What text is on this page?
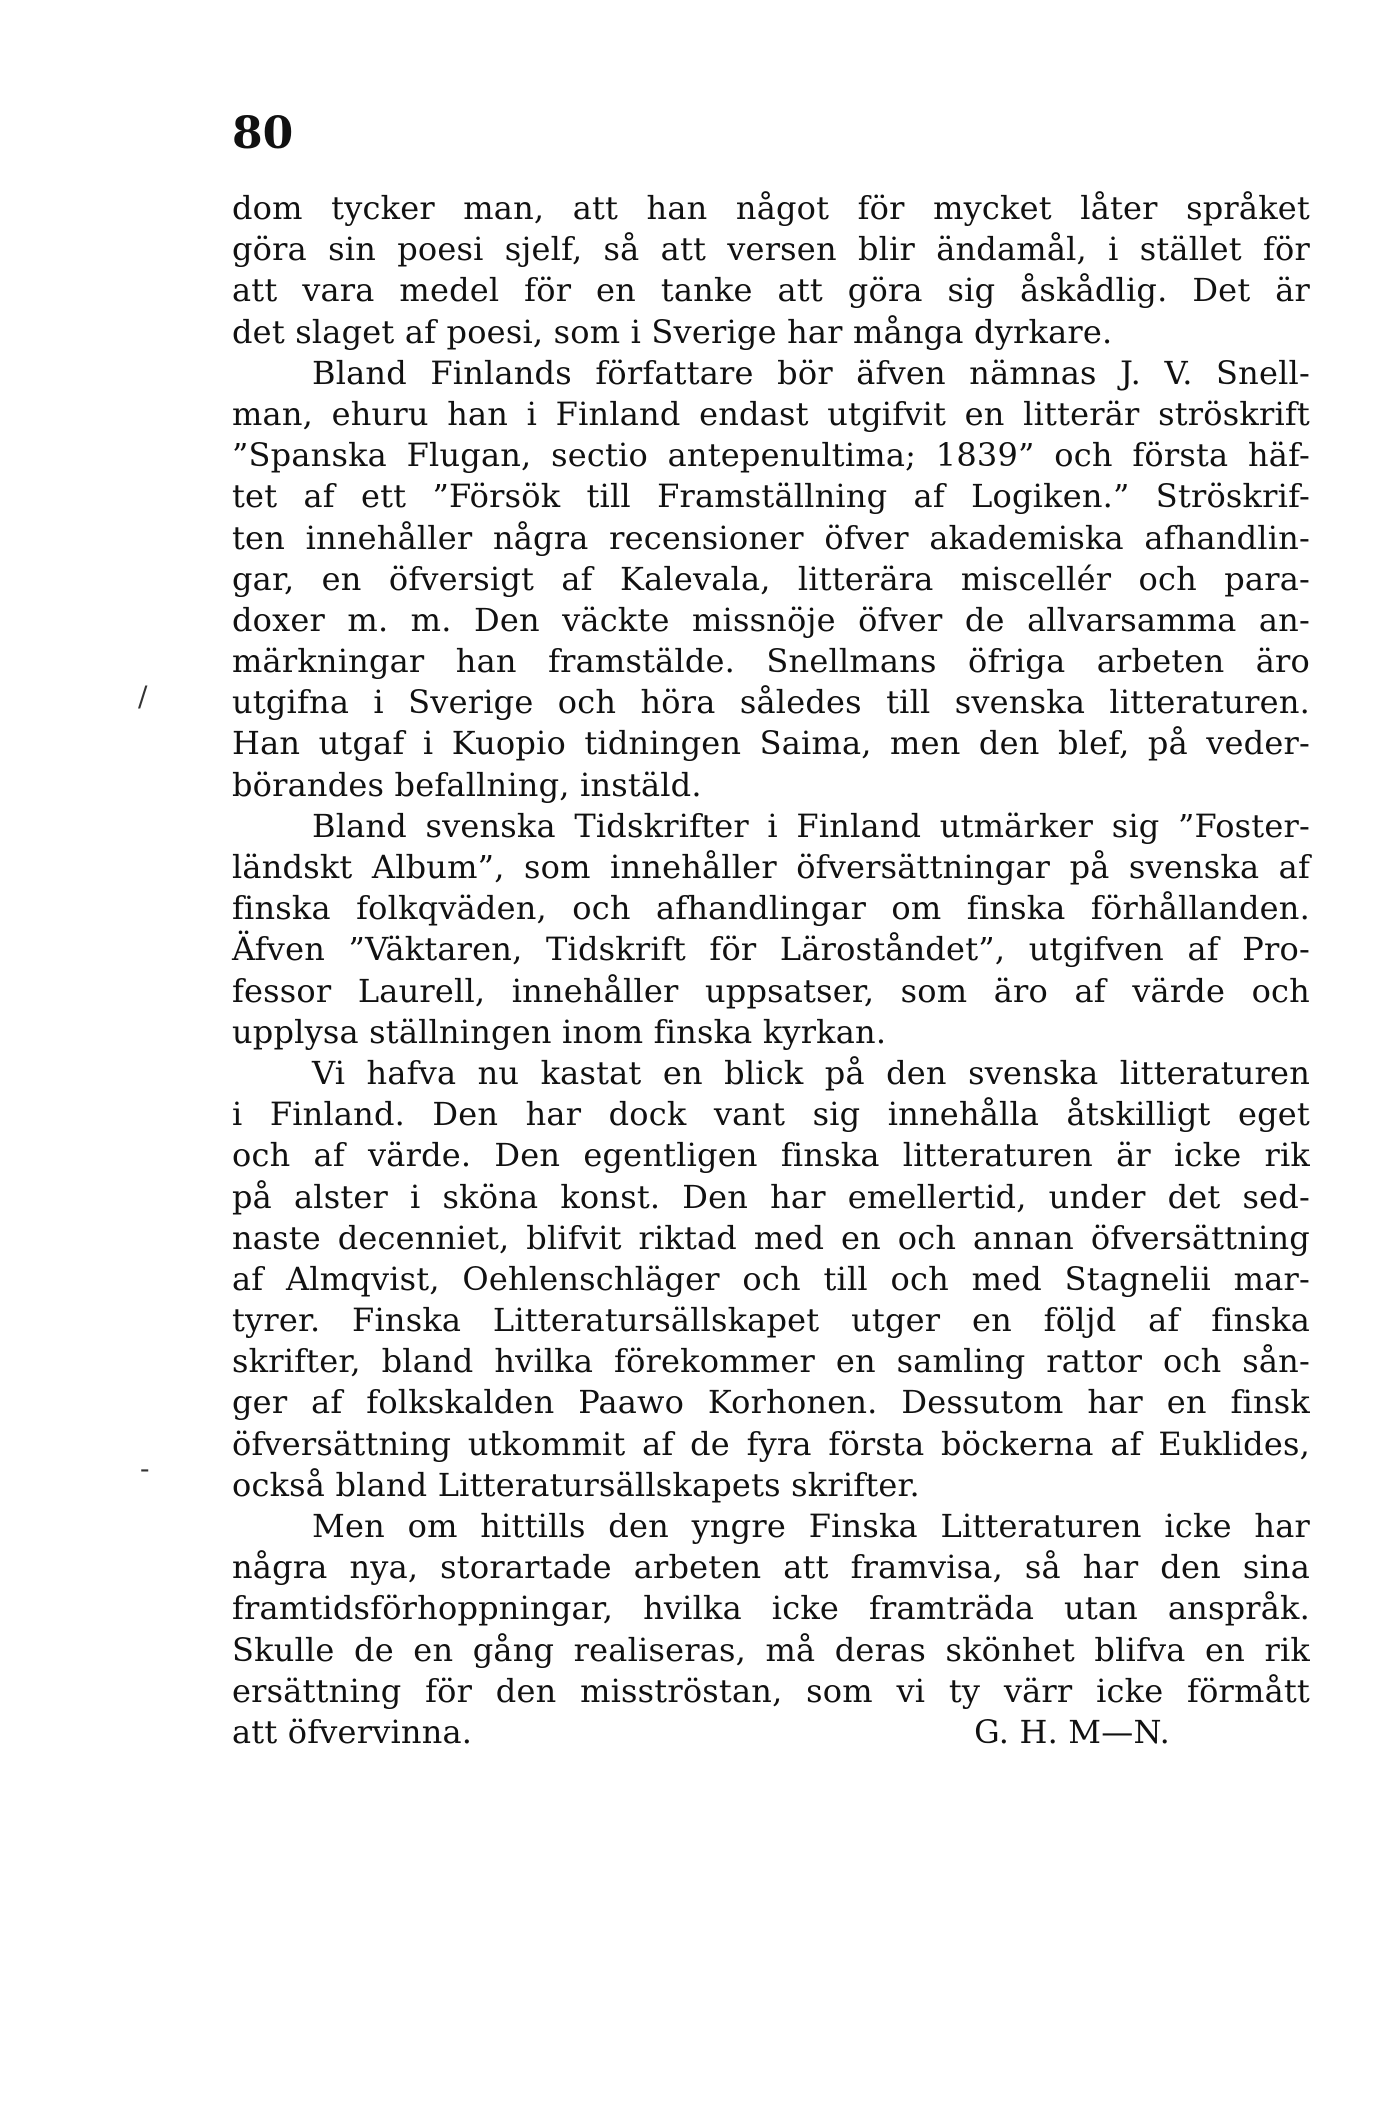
80
dom tycker man, att han något för mycket låter språket
göra sin poesi sjelf, så att versen blir ändamål, i stället för
att vara medel för en tanke att göra sig åskådlig. Det är
det slaget af poesi, som i Sverige har många dyrkare.
Bland Finlands författare bör äfven nämnas J. V. Snell-
man, ehuru han i Finland endast utgifvit en litterär ströskrift
”Spanska Flugan, sectio antepenultima; 1839” och första häf-
tet af ett ”Försök till Framställning af Logiken.” Ströskrif-
ten innehåller några recensioner öfver akademiska afhandlin-
gar, en öfversigt af Kalevala, litterära miscellér och para-
doxer m. m. Den väckte missnöje öfver de allvarsamma an-
märkningar han framstälde. Snellmans öfriga arbeten äro
utgifna i Sverige och höra således till svenska litteraturen.
Han utgaf i Kuopio tidningen Saima, men den blef, på veder-
börandes befallning, instäld.
Bland svenska Tidskrifter i Finland utmärker sig ”Foster-
ländskt Album”, som innehåller öfversättningar på svenska af
finska folkqväden, och afhandlingar om finska förhållanden.
Äfven ”Väktaren, Tidskrift för Läroståndet”, utgifven af Pro-
fessor Laurell, innehåller uppsatser, som äro af värde och
upplysa ställningen inom finska kyrkan.
Vi hafva nu kastat en blick på den svenska litteraturen
i Finland. Den har dock vant sig innehålla åtskilligt eget
och af värde. Den egentligen finska litteraturen är icke rik
på alster i sköna konst. Den har emellertid, under det sed-
naste decenniet, blifvit riktad med en och annan öfversättning
af Almqvist, Oehlenschläger och till och med Stagnelii mar-
tyrer. Finska Litteratursällskapet utger en följd af finska
skrifter, bland hvilka förekommer en samling rattor och sån-
ger af folkskalden Paawo Korhonen. Dessutom har en finsk
öfversättning utkommit af de fyra första böckerna af Euklides,
också bland Litteratursällskapets skrifter.
Men om hittills den yngre Finska Litteraturen icke har
några nya, storartade arbeten att framvisa, så har den sina
framtidsförhoppningar, hvilka icke framträda utan anspråk.
Skulle de en gång realiseras, må deras skönhet blifva en rik
ersättning för den misströstan, som vi ty värr icke förmått
att öfvervinna.	G. H. M—N.
/
-
